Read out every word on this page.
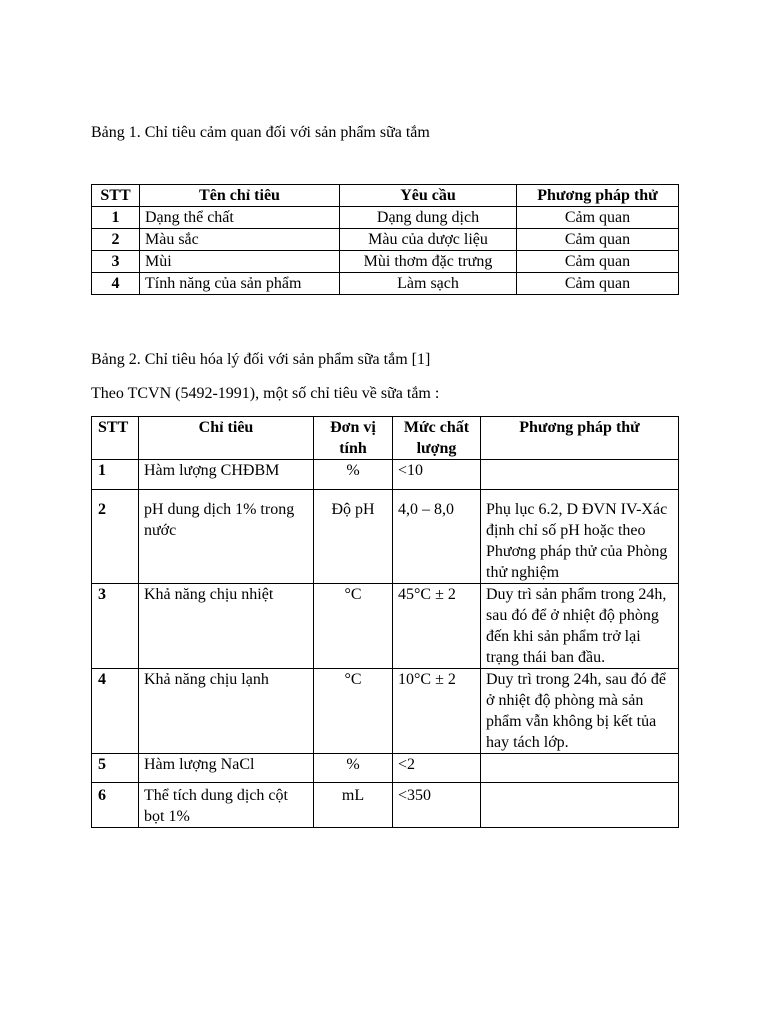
Bảng 1. Chỉ tiêu cảm quan đối với sản phẩm sữa tắm
STT	Tên chỉ tiêu	Yêu cầu	Phương pháp thử
1	Dạng thể chất	Dạng dung dịch	Cảm quan
2	Màu sắc	Màu của dược liệu	Cảm quan
3	Mùi	Mùi thơm đặc trưng	Cảm quan
4	Tính năng của sản phẩm	Làm sạch	Cảm quan
Bảng 2. Chỉ tiêu hóa lý đối với sản phẩm sữa tắm [1]
Theo TCVN (5492-1991), một số chỉ tiêu về sữa tắm :
STT	Chỉ tiêu	Đơn vị tính	Mức chất lượng	Phương pháp thử
1	Hàm lượng CHĐBM	%	<10	
2	pH dung dịch 1% trong nước	Độ pH	4,0 – 8,0	Phụ lục 6.2, D ĐVN IV-Xác định chỉ số pH hoặc theo Phương pháp thử của Phòng thử nghiệm
3	Khả năng chịu nhiệt	°C	45°C ± 2	Duy trì sản phẩm trong 24h, sau đó để ở nhiệt độ phòng đến khi sản phẩm trở lại trạng thái ban đầu.
4	Khả năng chịu lạnh	°C	10°C ± 2	Duy trì trong 24h, sau đó để ở nhiệt độ phòng mà sản phẩm vẫn không bị kết tủa hay tách lớp.
5	Hàm lượng NaCl	%	<2	
6	Thể tích dung dịch cột bọt 1%	mL	<350	
